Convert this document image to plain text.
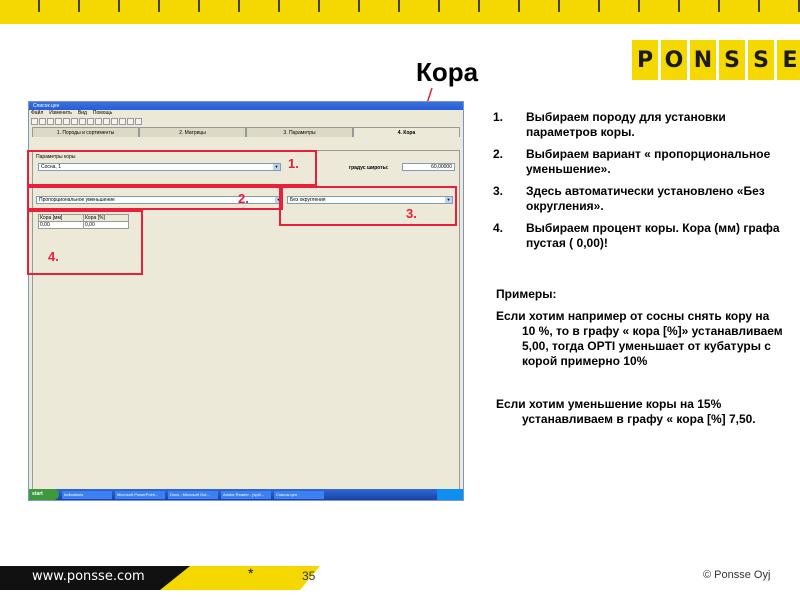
P O N S S E
Кора
Список цен
Файл Изменить Вид Помощь
1. Породы и сортименты	2. Матрицы	3. Параметры	4. Кора
Параметры коры
Сосна, 1	▼	градус широты:	60,00000
Пропорциональное уменьшение	▼	Без округления	▼
Кора [мм]	Кора [%]
0,00	0,00
start	Indications	Microsoft PowerPoint...	Docs - Microsoft Out...	Adobe Reader - [spiti...	Список цен
1.
2.
3.
4.
1.	Выбираем породу для установки параметров коры.
2.	Выбираем вариант « пропорциональное уменьшение».
3.	Здесь автоматически установлено «Без округления».
4.	Выбираем процент коры. Кора (мм) графа пустая ( 0,00)!
Примеры:

Если хотим например от сосны снять кору на 10 %, то в графу « кора [%]» устанавливаем 5,00, тогда OPTI уменьшает от кубатуры с корой примерно 10%

Если хотим уменьшение коры на 15% устанавливаем в графу « кора [%] 7,50.

www.ponsse.com	*	35	© Ponsse Oyj
